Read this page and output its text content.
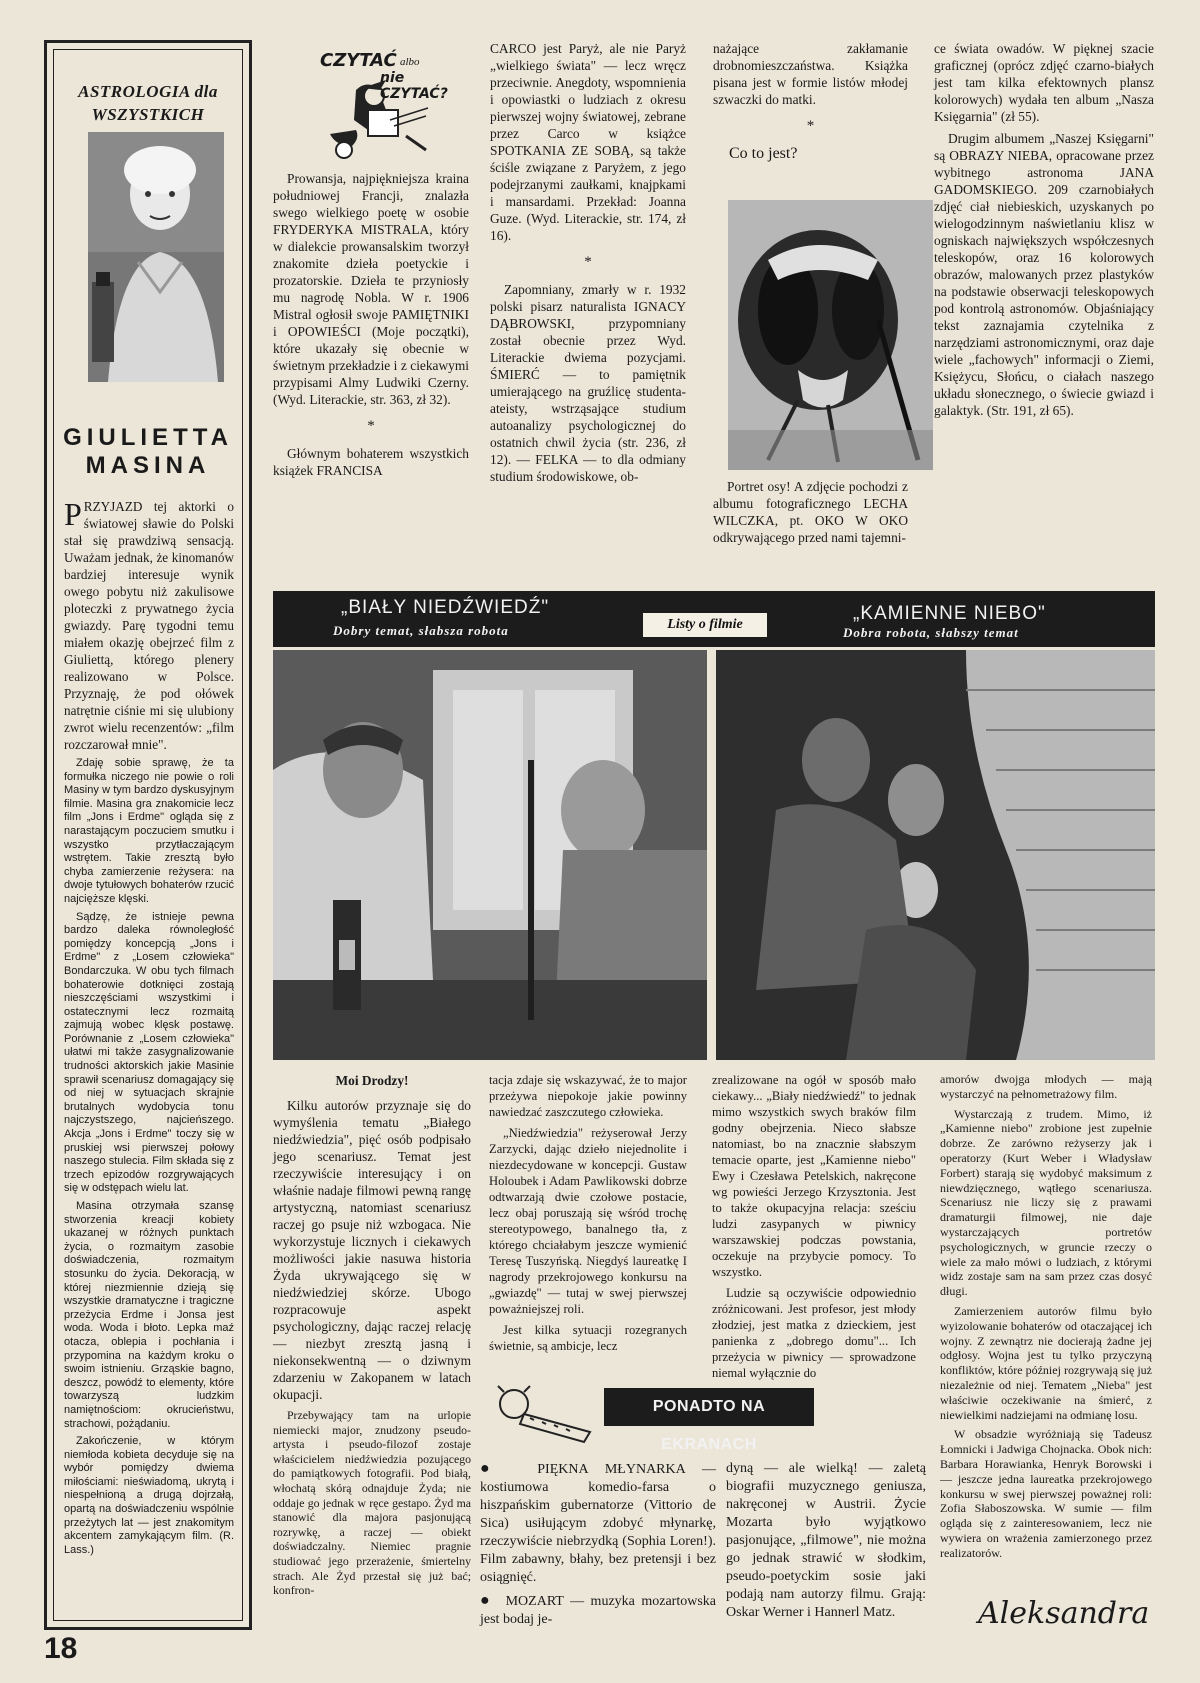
ASTROLOGIA dla
WSZYSTKICH
GIULIETTA
MASINA

PRZYJAZD tej aktorki o światowej sławie do Polski stał się prawdziwą sensacją. Uważam jednak, że kinomanów bardziej interesuje wynik owego pobytu niż zakulisowe ploteczki z prywatnego życia gwiazdy. Parę tygodni temu miałem okazję obejrzeć film z Giuliettą, którego plenery realizowano w Polsce. Przyznaję, że pod ołówek natrętnie ciśnie mi się ulubiony zwrot wielu recenzentów: „film rozczarował mnie".

Zdaję sobie sprawę, że ta formułka niczego nie powie o roli Masiny w tym bardzo dyskusyjnym filmie. Masina gra znakomicie lecz film „Jons i Erdme" ogląda się z narastającym poczuciem smutku i wszystko przytłaczającym wstrętem. Takie zresztą było chyba zamierzenie reżysera: na dwoje tytułowych bohaterów rzucić najcięższe klęski.

Sądzę, że istnieje pewna bardzo daleka równoległość pomiędzy koncepcją „Jons i Erdme" z „Losem człowieka" Bondarczuka. W obu tych filmach bohaterowie dotknięci zostają nieszczęściami wszystkimi i ostatecznymi lecz rozmaitą zajmują wobec klęsk postawę. Porównanie z „Losem człowieka" ułatwi mi także zasygnalizowanie trudności aktorskich jakie Masinie sprawił scenariusz domagający się od niej w sytuacjach skrajnie brutalnych wydobycia tonu najczystszego, najcieńszego. Akcja „Jons i Erdme" toczy się w pruskiej wsi pierwszej połowy naszego stulecia. Film składa się z trzech epizodów rozgrywających się w odstępach wielu lat.

Masina otrzymała szansę stworzenia kreacji kobiety ukazanej w różnych punktach życia, o rozmaitym zasobie doświadczenia, rozmaitym stosunku do życia. Dekoracją, w której niezmiennie dzieją się wszystkie dramatyczne i tragiczne przeżycia Erdme i Jonsa jest woda. Woda i błoto. Lepka maź otacza, oblepia i pochłania i przypomina na każdym kroku o swoim istnieniu. Grząskie bagno, deszcz, powódź to elementy, które towarzyszą ludzkim namiętnościom: okrucieństwu, strachowi, pożądaniu.

Zakończenie, w którym niemłoda kobieta decyduje się na wybór pomiędzy dwiema miłościami: nieświadomą, ukrytą i niespełnioną a drugą dojrzałą, opartą na doświadczeniu wspólnie przeżytych lat — jest znakomitym akcentem zamykającym film. (R. Lass.)

CZYTAĆ albo
nie CZYTAĆ?

Prowansja, najpiękniejsza kraina południowej Francji, znalazła swego wielkiego poetę w osobie FRYDERYKA MISTRALA, który w dialekcie prowansalskim tworzył znakomite dzieła poetyckie i prozatorskie. Dzieła te przyniosły mu nagrodę Nobla. W r. 1906 Mistral ogłosił swoje PAMIĘTNIKI i OPOWIEŚCI (Moje początki), które ukazały się obecnie w świetnym przekładzie i z ciekawymi przypisami Almy Ludwiki Czerny. (Wyd. Literackie, str. 363, zł 32).

*

Głównym bohaterem wszystkich książek FRANCISA

CARCO jest Paryż, ale nie Paryż „wielkiego świata" — lecz wręcz przeciwnie. Anegdoty, wspomnienia i opowiastki o ludziach z okresu pierwszej wojny światowej, zebrane przez Carco w książce SPOTKANIA ZE SOBĄ, są także ściśle związane z Paryżem, z jego podejrzanymi zaułkami, knajpkami i mansardami. Przekład: Joanna Guze. (Wyd. Literackie, str. 174, zł 16).

*

Zapomniany, zmarły w r. 1932 polski pisarz naturalista IGNACY DĄBROWSKI, przypomniany został obecnie przez Wyd. Literackie dwiema pozycjami. ŚMIERĆ — to pamiętnik umierającego na gruźlicę studenta-ateisty, wstrząsające studium autoanalizy psychologicznej do ostatnich chwil życia (str. 236, zł 12). — FELKA — to dla odmiany studium środowiskowe, ob-

nażające zakłamanie drobnomieszczaństwa. Książka pisana jest w formie listów młodej szwaczki do matki.

*
Co to jest?

Portret osy! A zdjęcie pochodzi z albumu fotograficznego LECHA WILCZKA, pt. OKO W OKO odkrywającego przed nami tajemni-

ce świata owadów. W pięknej szacie graficznej (oprócz zdjęć czarno-białych jest tam kilka efektownych plansz kolorowych) wydała ten album „Nasza Księgarnia" (zł 55).

Drugim albumem „Naszej Księgarni" są OBRAZY NIEBA, opracowane przez wybitnego astronoma JANA GADOMSKIEGO. 209 czarnobiałych zdjęć ciał niebieskich, uzyskanych po wielogodzinnym naświetlaniu klisz w ogniskach największych współczesnych teleskopów, oraz 16 kolorowych obrazów, malowanych przez plastyków na podstawie obserwacji teleskopowych pod kontrolą astronomów. Objaśniający tekst zaznajamia czytelnika z narzędziami astronomicznymi, oraz daje wiele „fachowych" informacji o Ziemi, Księżycu, Słońcu, o ciałach naszego układu słonecznego, o świecie gwiazd i galaktyk. (Str. 191, zł 65).

„BIAŁY NIEDŹWIEDŹ"
Dobry temat, słabsza robota	Listy o filmie
„KAMIENNE NIEBO"
Dobra robota, słabszy temat
Moi Drodzy!

Kilku autorów przyznaje się do wymyślenia tematu „Białego niedźwiedzia", pięć osób podpisało jego scenariusz. Temat jest rzeczywiście interesujący i on właśnie nadaje filmowi pewną rangę artystyczną, natomiast scenariusz raczej go psuje niż wzbogaca. Nie wykorzystuje licznych i ciekawych możliwości jakie nasuwa historia Żyda ukrywającego się w niedźwiedziej skórze. Ubogo rozpracowuje aspekt psychologiczny, dając raczej relację — niezbyt zresztą jasną i niekonsekwentną — o dziwnym zdarzeniu w Zakopanem w latach okupacji.

Przebywający tam na urlopie niemiecki major, znudzony pseudo-artysta i pseudo-filozof zostaje właścicielem niedźwiedzia pozującego do pamiątkowych fotografii. Pod białą, włochatą skórą odnajduje Żyda; nie oddaje go jednak w ręce gestapo. Żyd ma stanowić dla majora pasjonującą rozrywkę, a raczej — obiekt doświadczalny. Niemiec pragnie studiować jego przerażenie, śmiertelny strach. Ale Żyd przestał się już bać; konfron-

tacja zdaje się wskazywać, że to major przeżywa niepokoje jakie powinny nawiedzać zaszczutego człowieka.

„Niedźwiedzia" reżyserował Jerzy Zarzycki, dając dzieło niejednolite i niezdecydowane w koncepcji. Gustaw Holoubek i Adam Pawlikowski dobrze odtwarzają dwie czołowe postacie, lecz obaj poruszają się wśród trochę stereotypowego, banalnego tła, z którego chciałabym jeszcze wymienić Teresę Tuszyńską. Niegdyś laureatkę I nagrody przekrojowego konkursu na „gwiazdę" — tutaj w swej pierwszej poważniejszej roli.

Jest kilka sytuacji rozegranych świetnie, są ambicje, lecz

zrealizowane na ogół w sposób mało ciekawy... „Biały niedźwiedź" to jednak mimo wszystkich swych braków film godny obejrzenia. Nieco słabsze natomiast, bo na znacznie słabszym temacie oparte, jest „Kamienne niebo" Ewy i Czesława Petelskich, nakręcone wg powieści Jerzego Krzysztonia. Jest to także okupacyjna relacja: sześciu ludzi zasypanych w piwnicy warszawskiej podczas powstania, oczekuje na przybycie pomocy. To wszystko.

Ludzie są oczywiście odpowiednio zróżnicowani. Jest profesor, jest młody złodziej, jest matka z dzieckiem, jest panienka z „dobrego domu"... Ich przeżycia w piwnicy — sprowadzone niemal wyłącznie do

amorów dwojga młodych — mają wystarczyć na pełnometrażowy film.

Wystarczają z trudem. Mimo, iż „Kamienne niebo" zrobione jest zupełnie dobrze. Ze zarówno reżyserzy jak i operatorzy (Kurt Weber i Władysław Forbert) starają się wydobyć maksimum z niewdzięcznego, wątłego scenariusza. Scenariusz nie liczy się z prawami dramaturgii filmowej, nie daje wystarczających portretów psychologicznych, w gruncie rzeczy o wiele za mało mówi o ludziach, z którymi widz zostaje sam na sam przez czas dosyć długi.

Zamierzeniem autorów filmu było wyizolowanie bohaterów od otaczającej ich wojny. Z zewnątrz nie docierają żadne jej odgłosy. Wojna jest tu tylko przyczyną konfliktów, które później rozgrywają się już niezależnie od niej. Tematem „Nieba" jest właściwie oczekiwanie na śmierć, z niewielkimi nadziejami na odmianę losu.

W obsadzie wyróżniają się Tadeusz Łomnicki i Jadwiga Chojnacka. Obok nich: Barbara Horawianka, Henryk Borowski i — jeszcze jedna laureatka przekrojowego konkursu w swej pierwszej poważnej roli: Zofia Słaboszowska. W sumie — film ogląda się z zainteresowaniem, lecz nie wywiera on wrażenia zamierzonego przez realizatorów.

PONADTO NA EKRANACH

● PIĘKNA MŁYNARKA — kostiumowa komedio-farsa o hiszpańskim gubernatorze (Vittorio de Sica) usiłującym zdobyć młynarkę, rzeczywiście niebrzydką (Sophia Loren!). Film zabawny, błahy, bez pretensji i bez osiągnięć.

● MOZART — muzyka mozartowska jest bodaj je-

dyną — ale wielką! — zaletą biografii muzycznego geniusza, nakręconej w Austrii. Życie Mozarta było wyjątkowo pasjonujące, „filmowe", nie można go jednak strawić w słodkim, pseudo-poetyckim sosie jaki podają nam autorzy filmu. Grają: Oskar Werner i Hannerl Matz.	Aleksandra
18
